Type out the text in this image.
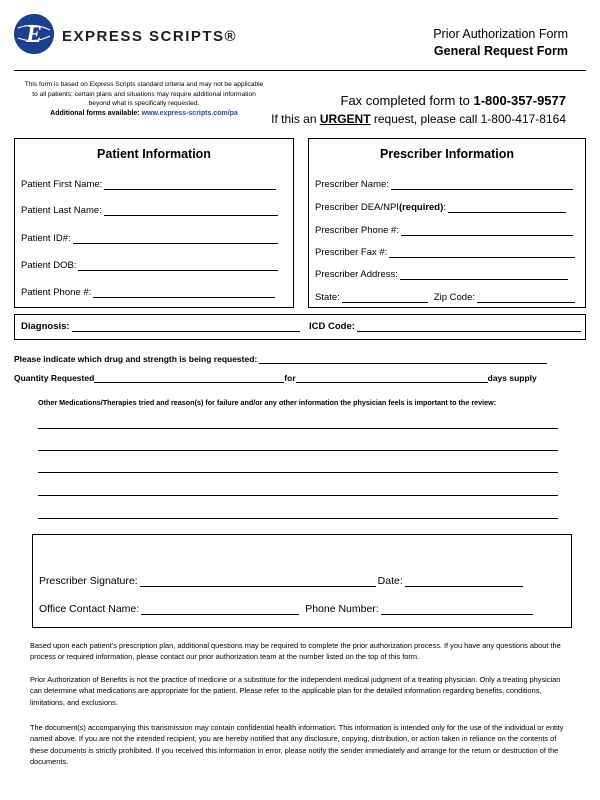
E EXPRESS SCRIPTS®	Prior Authorization Form
General Request Form
This form is based on Express Scripts standard criteria and may not be applicable to all patients; certain plans and situations may require additional information beyond what is specifically requested.
Additional forms available: www.express-scripts.com/pa
Fax completed form to 1-800-357-9577
If this an URGENT request, please call 1-800-417-8164
Patient Information
Patient First Name:
Patient Last Name:
Patient ID#:
Patient DOB:
Patient Phone #:
Prescriber Information
Prescriber Name:
Prescriber DEA/NPI (required) :
Prescriber Phone #:
Prescriber Fax #:
Prescriber Address:
State:	Zip Code:
Diagnosis:	ICD Code:
Please indicate which drug and strength is being requested:
Quantity Requested	for	days supply
Other Medications/Therapies tried and reason(s) for failure and/or any other information the physician feels is important to the review:
Prescriber Signature:	Date:
Office Contact Name:	Phone Number:
Based upon each patient’s prescription plan, additional questions may be required to complete the prior authorization process. If you have any questions about the process or required information, please contact our prior authorization team at the number listed on the top of this form.
Prior Authorization of Benefits is not the practice of medicine or a substitute for the independent medical judgment of a treating physician. Only a treating physician can determine what medications are appropriate for the patient. Please refer to the applicable plan for the detailed information regarding benefits, conditions, limitations, and exclusions.
The document(s) accompanying this transmission may contain confidential health information. This information is intended only for the use of the individual or entity named above. If you are not the intended recipient, you are hereby notified that any disclosure, copying, distribution, or action taken in reliance on the contents of these documents is strictly prohibited. If you received this information in error, please notify the sender immediately and arrange for the return or destruction of the documents.
